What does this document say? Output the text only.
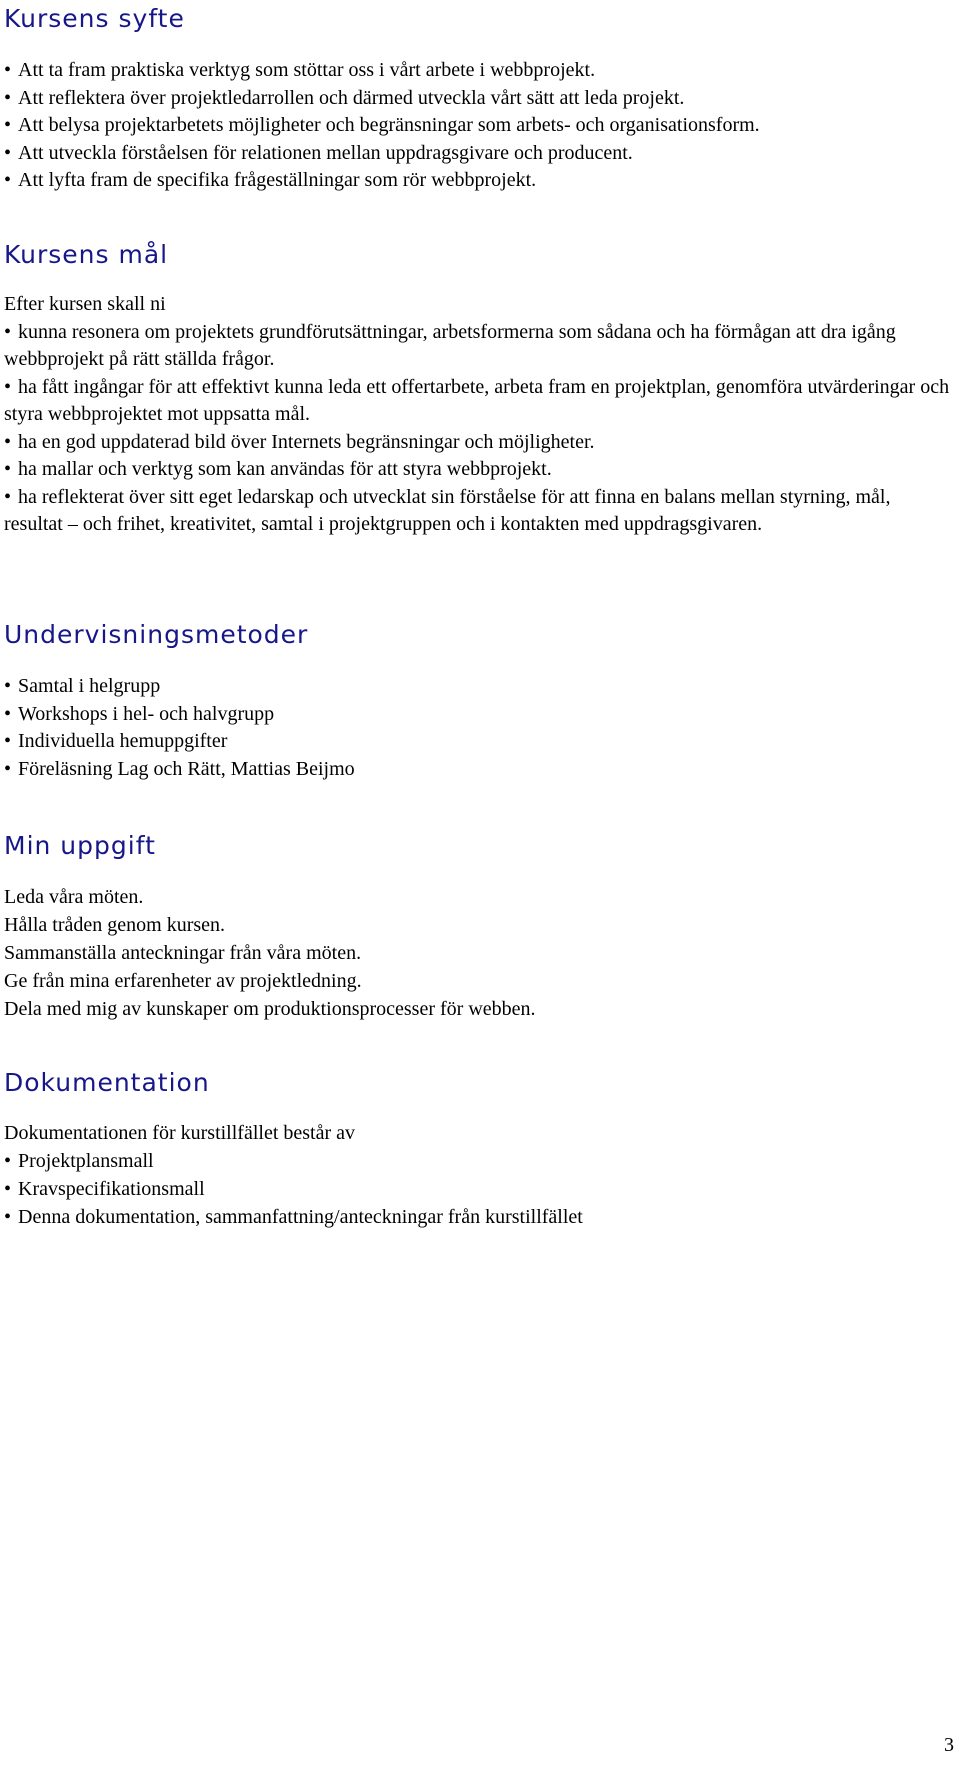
Kursens syfte
• Att ta fram praktiska verktyg som stöttar oss i vårt arbete i webbprojekt.
• Att reflektera över projektledarrollen och därmed utveckla vårt sätt att leda projekt.
• Att belysa projektarbetets möjligheter och begränsningar som arbets- och organisationsform.
• Att utveckla förståelsen för relationen mellan uppdragsgivare och producent.
• Att lyfta fram de specifika frågeställningar som rör webbprojekt.
Kursens mål

Efter kursen skall ni

• kunna resonera om projektets grundförutsättningar, arbetsformerna som sådana och ha förmågan att dra igång webbprojekt på rätt ställda frågor.
• ha fått ingångar för att effektivt kunna leda ett offertarbete, arbeta fram en projektplan, genomföra utvärderingar och styra webbprojektet mot uppsatta mål.
• ha en god uppdaterad bild över Internets begränsningar och möjligheter.
• ha mallar och verktyg som kan användas för att styra webbprojekt.
• ha reflekterat över sitt eget ledarskap och utvecklat sin förståelse för att finna en balans mellan styrning, mål, resultat – och frihet, kreativitet, samtal i projektgruppen och i kontakten med uppdragsgivaren.
Undervisningsmetoder
• Samtal i helgrupp
• Workshops i hel- och halvgrupp
• Individuella hemuppgifter
• Föreläsning Lag och Rätt, Mattias Beijmo
Min uppgift
Leda våra möten.
Hålla tråden genom kursen.
Sammanställa anteckningar från våra möten.
Ge från mina erfarenheter av projektledning.
Dela med mig av kunskaper om produktionsprocesser för webben.
Dokumentation

Dokumentationen för kurstillfället består av

• Projektplansmall
• Kravspecifikationsmall
• Denna dokumentation, sammanfattning/anteckningar från kurstillfället
3
